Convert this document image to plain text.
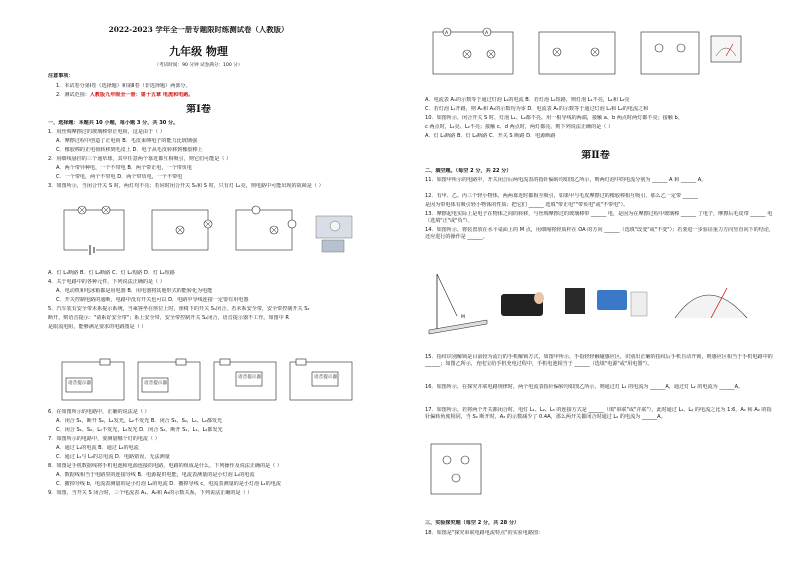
2022-2023 学年全一册专题限时练测试卷（人教版）
九年级 物理
（考试时间：90 分钟 试卷满分：100 分）
注意事项：
1．本试卷分第Ⅰ卷（选择题）和第Ⅱ卷（非选择题）两部分。
2．测试范围：人教版九年级全一册：第十五章 电流和电路。
第Ⅰ卷
一、选择题：本题共 10 小题，每小题 3 分，共 30 分。
1．用丝绸摩擦过的玻璃棒带正电荷，这是由于（ ）
A．摩擦过程中创造了正电荷 B．毛皮束缚电子的能力比玻璃强
C．橡胶棒的正电荷转移到毛皮上 D．电子从毛皮转移到橡胶棒上
2．用细线悬挂的三个通草球，其中任意两个靠近都互相吸引，则它们可能是（ ）
A．两个带异种电，一个不带电 B．两个带正电，一个带负电
C．一个带电，两个不带电 D．两个带负电，一个不带电
3．如图所示，当闭合开关 S 时，两灯均不亮；若同时闭合开关 S₁和 S 时，只有灯 L₁亮，则电路中可能出现的故障是（ ）
A．灯 L₁断路 B．灯 L₂断路 C．灯 L₁短路 D．灯 L₂短路
4．关于电路中的各种元件，下列说法正确的是（ ）
A．电动机和电冰箱都是用电器 B．用电器将其他形式的能转化为电能
C．开关控制电路的通断，电路中没有开关也可以 D．电路中导线连接一定要有用电器
5．汽车装有安全带未系提示系统，当乘客坐在座位上时，座椅下的开关 S₁闭合，若未系安全带，安全带控制开关 S₂
断开，则语音提示："请系好安全带"；系上安全带，安全带控制开关 S₂闭合，语音提示器不工作。如图中 R
是限流电阻，能够满足要求的电路图是（ ）
语音提示器	语音提示器
语音提示器	语音提示器
6．在如图所示的电路中，正确的说法是（ ）
A．闭合 S₁，断开 S₂，L₁发光，L₂不发光 B．闭合 S₁、S₂，L₁、L₂都发光
C．闭合 S₁、S₂，L₁不发光，L₂发光 D．闭合 S₂，断开 S₁，L₁、L₂都发光
7．如图所示的电路中，要测量哪个灯的电流（ ）
A．通过 L₁的电流 B．通过 L₂的电流
C．通过 L₁与 L₂的总电流 D．电路错误，无法测量
8．如图是手机数据线将手机电池和电源连接的电路，电路的组成是什么，下列操作及说法正确的是（ ）
A．数据线相当于电路里的连接导线 B．电源提供电能，电流表测量的是小灯泡 L₁的电流
C．撤掉导线 b，电流表测量的是小灯泡 L₂的电流 D．撤掉导线 c，电流表测量的是小灯泡 L₁的电流
9．如图，当开关 S 闭合时，三个电流表 A₁、A₂和 A₃的示数关系，下列说法正确的是（ ）
A	A
A．电流表 A₁的示数等于通过灯泡 L₁的电流 B．若灯泡 L₂短路，则灯泡 L₁不亮，L₁和 L₂亮
C．若灯泡 L₁开路，则 A₁和 A₂的示数均为零 D．电流表 A₁的示数等于通过灯泡 L₁和 L₂的电流之和
10．如图所示，闭合开关 S 时，灯泡 L₁、L₂都不亮。用一根导线的两端，接触 a、b 两点时两灯都不亮；接触 b、
c 两点时，L₁亮、L₂不亮；接触 c、d 两点时，两灯都亮。则下列说法正确的是（ ）
A．灯 L₁断路 B．灯 L₂断路 C．开关 S 断路 D．电源断路
第Ⅱ卷
二、填空题。（每空 2 分，共 22 分）
11．如图甲所示的电路中，开关闭合后两电流表的指针偏转均如图乙所示，则两灯泡中的电流分别为 ______ A 和 ______ A。
12．有甲、乙、丙三个轻小物体，两两靠近时都相互吸引，如果甲与毛皮摩擦过的橡胶棒相互吸引，那么乙一定带 ______
是因为带电体有吸引轻小物体的性质；把它们 ______ 选填"带正电""带负电"或"不带电"）。
13．摩擦起电实际上是电子在物体之间的转移，与丝绸摩擦过的玻璃棒带 ______ 电，是因为在摩擦过程中玻璃棒 ______ 了电子，摩擦后毛皮带 ______ 电（选填"正"或"负"）。
14．如图所示，将装置放在水平桌面上的 M 点，用细绳将轻质杆在 OA 的方向 ______（选填"改变"或"不变"）；若要进一步验证重力方向竖直向下的结论，还应进行的操作是 ______。
M
15．指纹识别解锁是目前较为流行的手机解锁方式，如图甲所示，手指轻轻触碰感应区，识别出正确的指纹后手机自动开锁，则感应区相当于手机电路中的 ______；如图乙所示，充电宝给手机充电过程中，手机电池相当于 ______（选填"电源"或"用电器"）。
16．如图所示，在探究并联电路规律时，两个电流表指针偏转均如图乙所示，则通过灯 L₁ 的电流为 ______A，通过灯 L₂ 的电流为 ______A。
17．如图所示，若将两个开关都闭合时，电灯 L₁、L₂、L₃ 的连接方式是 ______（填"串联"或"并联"），此时通过 L₁、L₂ 的电流之比为 1:6，A₁ 和 A₂ 的指针偏转角度相同，当 S₂ 断开时，A₂ 的示数减少了 0.4A，那么两开关都闭合时通过 L₂ 的电流为 ______A。
三、实验探究题（每空 2 分，共 28 分）
18．如图是"探究串联电路电流特点"的实验电路图：
